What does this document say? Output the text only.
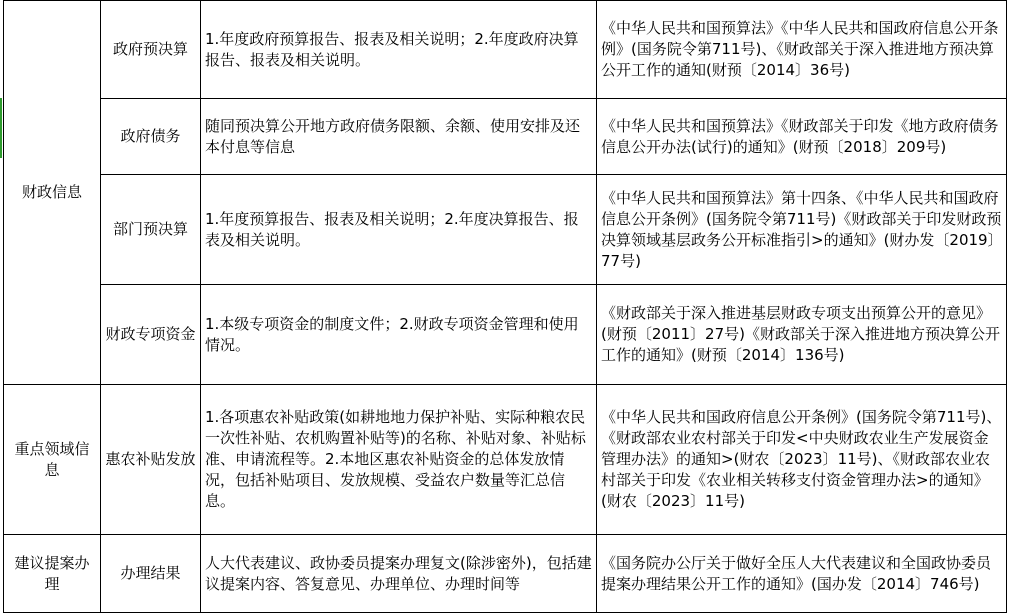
财政信息	政府预决算	1.年度政府预算报告、报表及相关说明；2.年度政府决算报告、报表及相关说明。	《中华人民共和国预算法》《中华人民共和国政府信息公开条例》(国务院令第711号)、《财政部关于深入推进地方预决算公开工作的通知(财预〔2014〕36号)
	政府债务	随同预决算公开地方政府债务限额、余额、使用安排及还本付息等信息	《中华人民共和国预算法》《财政部关于印发《地方政府债务信息公开办法(试行)的通知》(财预〔2018〕209号)
	部门预决算	1.年度预算报告、报表及相关说明；2.年度决算报告、报表及相关说明。	《中华人民共和国预算法》第十四条、《中华人民共和国政府信息公开条例》(国务院令第711号)《财政部关于印发财政预决算领域基层政务公开标准指引>的通知》(财办发〔2019〕77号)
	财政专项资金	1.本级专项资金的制度文件；2.财政专项资金管理和使用情况。	《财政部关于深入推进基层财政专项支出预算公开的意见》(财预〔2011〕27号)《财政部关于深入推进地方预决算公开工作的通知》(财预〔2014〕136号)
重点领域信息	惠农补贴发放	1.各项惠农补贴政策(如耕地地力保护补贴、实际种粮农民一次性补贴、农机购置补贴等)的名称、补贴对象、补贴标准、申请流程等。2.本地区惠农补贴资金的总体发放情况，包括补贴项目、发放规模、受益农户数量等汇总信息。	《中华人民共和国政府信息公开条例》(国务院令第711号)、《财政部农业农村部关于印发<中央财政农业生产发展资金管理办法》的通知>(财农〔2023〕11号)、《财政部农业农村部关于印发《农业相关转移支付资金管理办法>的通知》(财农〔2023〕11号)
建议提案办理	办理结果	人大代表建议、政协委员提案办理复文(除涉密外)，包括建议提案内容、答复意见、办理单位、办理时间等	《国务院办公厅关于做好全压人大代表建议和全国政协委员提案办理结果公开工作的通知》(国办发〔2014〕746号)
